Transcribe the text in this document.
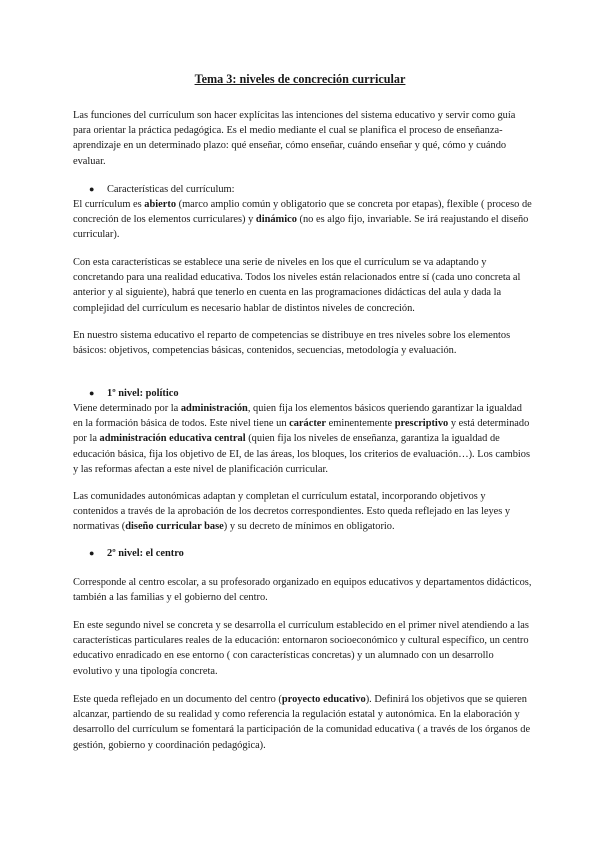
Tema 3: niveles de concreción curricular
Las funciones del currículum son hacer explícitas las intenciones del sistema educativo y servir como guía para orientar la práctica pedagógica. Es el medio mediante el cual se planifica el proceso de enseñanza-aprendizaje en un determinado plazo: qué enseñar, cómo enseñar, cuándo enseñar y qué, cómo y cuándo evaluar.
● Características del currículum:
El currículum es abierto (marco amplio común y obligatorio que se concreta por etapas), flexible ( proceso de concreción de los elementos curriculares) y dinámico (no es algo fijo, invariable. Se irá reajustando el diseño curricular).
Con esta características se establece una serie de niveles en los que el currículum se va adaptando y concretando para una realidad educativa. Todos los niveles están relacionados entre sí (cada uno concreta al anterior y al siguiente), habrá que tenerlo en cuenta en las programaciones didácticas del aula y dada la complejidad del currículum es necesario hablar de distintos niveles de concreción.
En nuestro sistema educativo el reparto de competencias se distribuye en tres niveles sobre los elementos básicos: objetivos, competencias básicas, contenidos, secuencias, metodología y evaluación.
● 1º nivel: político
Viene determinado por la administración, quien fija los elementos básicos queriendo garantizar la igualdad en la formación básica de todos. Este nivel tiene un carácter eminentemente prescriptivo y está determinado por la administración educativa central (quien fija los niveles de enseñanza, garantiza la igualdad de educación básica, fija los objetivo de EI, de las áreas, los bloques, los criterios de evaluación…). Los cambios y las reformas afectan a este nivel de planificación curricular.
Las comunidades autonómicas adaptan y completan el currículum estatal, incorporando objetivos y contenidos a través de la aprobación de los decretos correspondientes. Esto queda reflejado en las leyes y normativas (diseño curricular base) y su decreto de mínimos en obligatorio.
● 2º nivel: el centro
Corresponde al centro escolar, a su profesorado organizado en equipos educativos y departamentos didácticos, también a las familias y el gobierno del centro.
En este segundo nivel se concreta y se desarrolla el currículum establecido en el primer nivel atendiendo a las características particulares reales de la educación: entornaron socioeconómico y cultural específico, un centro educativo enradicado en ese entorno ( con características concretas) y un alumnado con un desarrollo evolutivo y una tipología concreta.
Este queda reflejado en un documento del centro (proyecto educativo). Definirá los objetivos que se quieren alcanzar, partiendo de su realidad y como referencia la regulación estatal y autonómica. En la elaboración y desarrollo del currículum se fomentará la participación de la comunidad educativa ( a través de los órganos de gestión, gobierno y coordinación pedagógica).
